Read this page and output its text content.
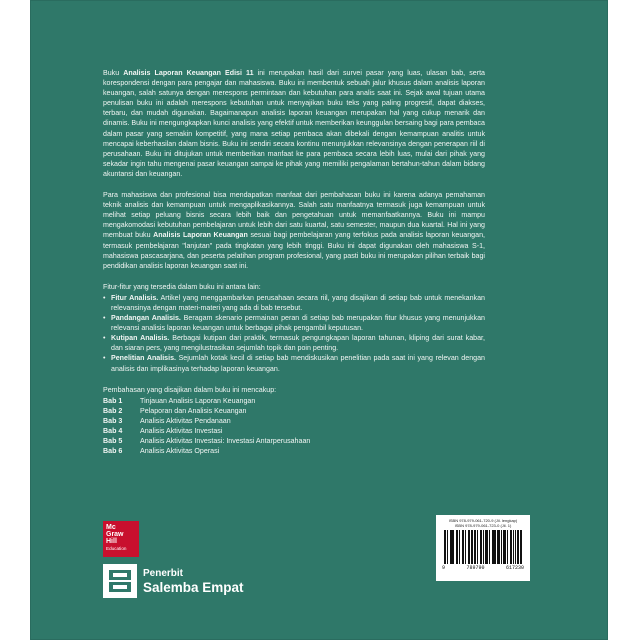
Buku Analisis Laporan Keuangan Edisi 11 ini merupakan hasil dari survei pasar yang luas, ulasan bab, serta korespondensi dengan para pengajar dan mahasiswa. Buku ini membentuk sebuah jalur khusus dalam analisis laporan keuangan, salah satunya dengan merespons permintaan dan kebutuhan para analis saat ini. Sejak awal tujuan utama penulisan buku ini adalah merespons kebutuhan untuk menyajikan buku teks yang paling progresif, dapat diakses, terbaru, dan mudah digunakan. Bagaimanapun analisis laporan keuangan merupakan hal yang cukup menarik dan dinamis. Buku ini mengungkapkan kunci analisis yang efektif untuk memberikan keunggulan bersaing bagi para pembaca dalam pasar yang semakin kompetitif, yang mana setiap pembaca akan dibekali dengan kemampuan analitis untuk mencapai keberhasilan dalam bisnis. Buku ini sendiri secara kontinu menunjukkan relevansinya dengan penerapan riil di perusahaan. Buku ini ditujukan untuk memberikan manfaat ke para pembaca secara lebih luas, mulai dari pihak yang sekadar ingin tahu mengenai pasar keuangan sampai ke pihak yang memiliki pengalaman bertahun-tahun dalam bidang akuntansi dan keuangan.

Para mahasiswa dan profesional bisa mendapatkan manfaat dari pembahasan buku ini karena adanya pemahaman teknik analisis dan kemampuan untuk mengaplikasikannya. Salah satu manfaatnya termasuk juga kemampuan untuk melihat setiap peluang bisnis secara lebih baik dan pengetahuan untuk memanfaatkannya. Buku ini mampu mengakomodasi kebutuhan pembelajaran untuk lebih dari satu kuartal, satu semester, maupun dua kuartal. Hal ini yang membuat buku Analisis Laporan Keuangan sesuai bagi pembelajaran yang terfokus pada analisis laporan keuangan, termasuk pembelajaran "lanjutan" pada tingkatan yang lebih tinggi. Buku ini dapat digunakan oleh mahasiswa S-1, mahasiswa pascasarjana, dan peserta pelatihan program profesional, yang pasti buku ini merupakan pilihan terbaik bagi pendidikan analisis laporan keuangan saat ini.

Fitur-fitur yang tersedia dalam buku ini antara lain:

• Fitur Analisis. Artikel yang menggambarkan perusahaan secara riil, yang disajikan di setiap bab untuk menekankan relevansinya dengan materi-materi yang ada di bab tersebut.
• Pandangan Analisis. Beragam skenario permainan peran di setiap bab merupakan fitur khusus yang menunjukkan relevansi analisis laporan keuangan untuk berbagai pihak pengambil keputusan.
• Kutipan Analisis. Berbagai kutipan dari praktik, termasuk pengungkapan laporan tahunan, kliping dari surat kabar, dan siaran pers, yang mengilustrasikan sejumlah topik dan poin penting.
• Penelitian Analisis. Sejumlah kotak kecil di setiap bab mendiskusikan penelitian pada saat ini yang relevan dengan analisis dan implikasinya terhadap laporan keuangan.

Pembahasan yang disajikan dalam buku ini mencakup:

Bab 1	Tinjauan Analisis Laporan Keuangan
Bab 2	Pelaporan dan Analisis Keuangan
Bab 3	Analisis Aktivitas Pendanaan
Bab 4	Analisis Aktivitas Investasi
Bab 5	Analisis Aktivitas Investasi: Investasi Antarperusahaan
Bab 6	Analisis Aktivitas Operasi
Mc
Graw
Hill
Education
Penerbit
Salemba Empat
ISBN 978-979-061-720-9 (Jil. lengkap)
ISBN 978-979-061-723-0 (Jil. 1)
9	789790	617230
